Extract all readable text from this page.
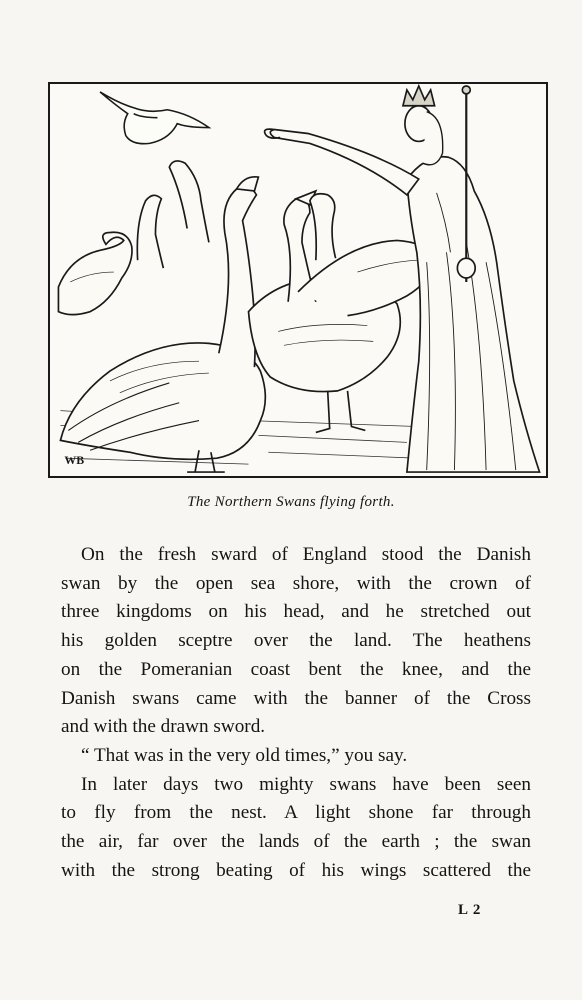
WB
The Northern Swans flying forth.
On the fresh sward of England stood the Danish
swan by the open sea shore, with the crown of
three kingdoms on his head, and he stretched out
his golden sceptre over the land. The heathens
on the Pomeranian coast bent the knee, and the
Danish swans came with the banner of the Cross
and with the drawn sword.
“ That was in the very old times,” you say.
In later days two mighty swans have been seen
to fly from the nest. A light shone far through
the air, far over the lands of the earth ; the swan
with the strong beating of his wings scattered the
L 2
